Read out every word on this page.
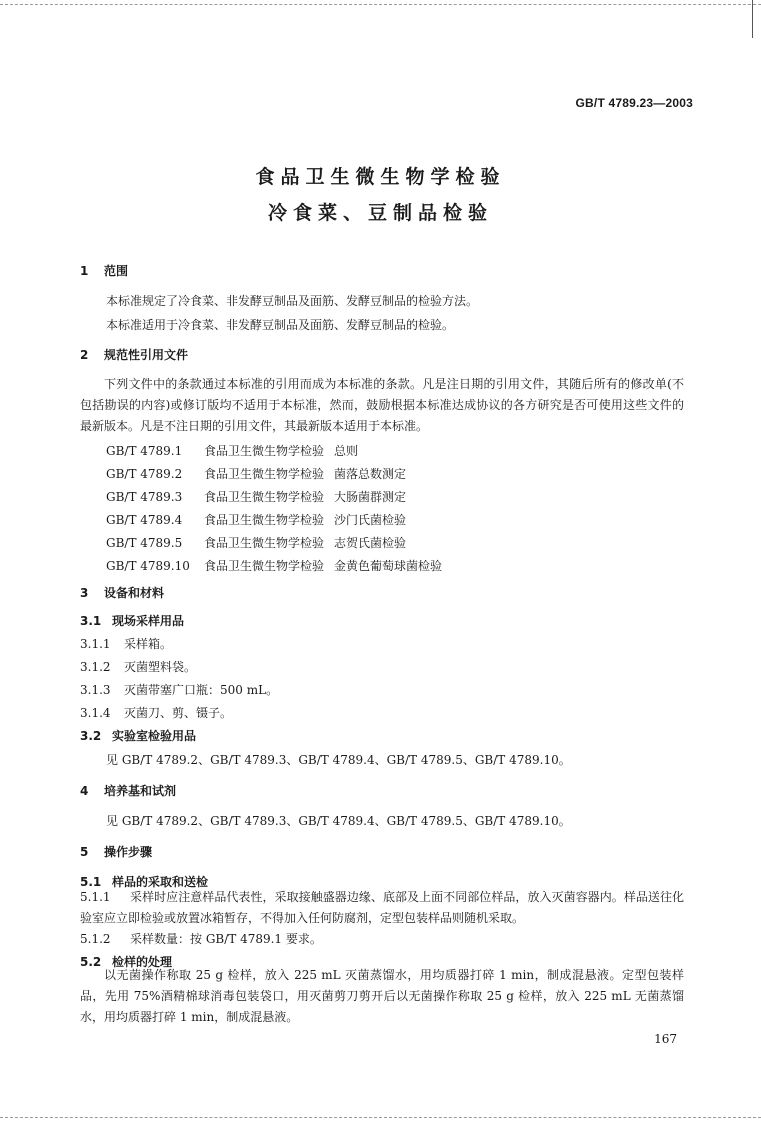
GB/T 4789.23—2003
食品卫生微生物学检验
冷食菜、豆制品检验
1 范围
本标准规定了冷食菜、非发酵豆制品及面筋、发酵豆制品的检验方法。
本标准适用于冷食菜、非发酵豆制品及面筋、发酵豆制品的检验。
2 规范性引用文件
下列文件中的条款通过本标准的引用而成为本标准的条款。凡是注日期的引用文件，其随后所有的修改单(不包括勘误的内容)或修订版均不适用于本标准，然而，鼓励根据本标准达成协议的各方研究是否可使用这些文件的最新版本。凡是不注日期的引用文件，其最新版本适用于本标准。
GB/T 4789.1 食品卫生微生物学检验 总则
GB/T 4789.2 食品卫生微生物学检验 菌落总数测定
GB/T 4789.3 食品卫生微生物学检验 大肠菌群测定
GB/T 4789.4 食品卫生微生物学检验 沙门氏菌检验
GB/T 4789.5 食品卫生微生物学检验 志贺氏菌检验
GB/T 4789.10 食品卫生微生物学检验 金黄色葡萄球菌检验
3 设备和材料
3.1 现场采样用品
3.1.1 采样箱。
3.1.2 灭菌塑料袋。
3.1.3 灭菌带塞广口瓶：500 mL。
3.1.4 灭菌刀、剪、镊子。
3.2 实验室检验用品
见 GB/T 4789.2、GB/T 4789.3、GB/T 4789.4、GB/T 4789.5、GB/T 4789.10。
4 培养基和试剂
见 GB/T 4789.2、GB/T 4789.3、GB/T 4789.4、GB/T 4789.5、GB/T 4789.10。
5 操作步骤
5.1 样品的采取和送检
5.1.1 采样时应注意样品代表性，采取接触盛器边缘、底部及上面不同部位样品，放入灭菌容器内。样品送往化验室应立即检验或放置冰箱暂存，不得加入任何防腐剂，定型包装样品则随机采取。
5.1.2 采样数量：按 GB/T 4789.1 要求。
5.2 检样的处理
以无菌操作称取 25 g 检样，放入 225 mL 灭菌蒸馏水，用均质器打碎 1 min，制成混悬液。定型包装样品，先用 75%酒精棉球消毒包装袋口，用灭菌剪刀剪开后以无菌操作称取 25 g 检样，放入 225 mL 无菌蒸馏水，用均质器打碎 1 min，制成混悬液。
167
